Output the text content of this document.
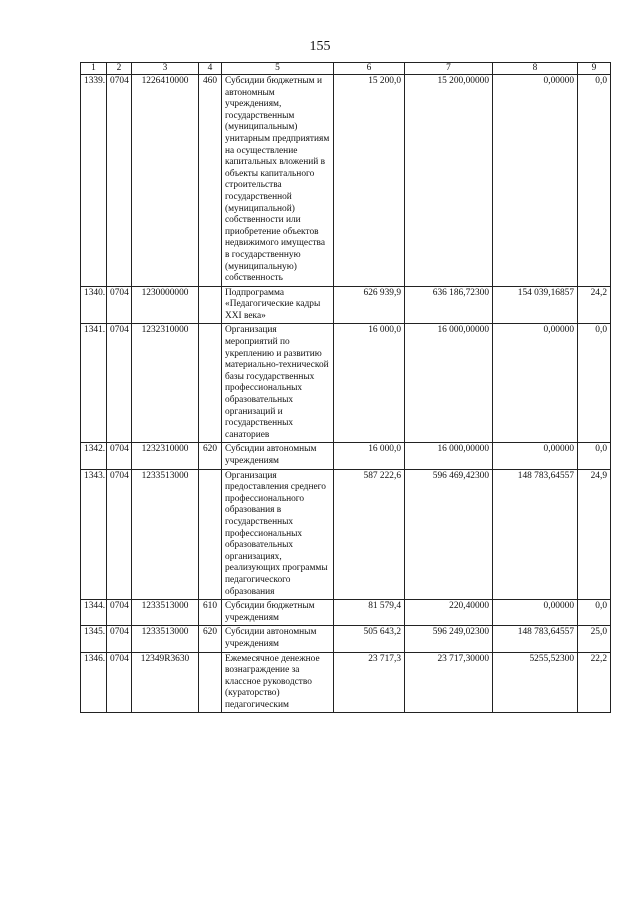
155
1	2	3	4	5	6	7	8	9
1339.	0704	1226410000	460	Субсидии бюджетным и автономным учреждениям, государственным (муниципальным) унитарным предприятиям на осуществление капитальных вложений в объекты капитального строительства государственной (муниципальной) собственности или приобретение объектов недвижимого имущества в государственную (муниципальную) собственность	15 200,0	15 200,00000	0,00000	0,0
1340.	0704	1230000000		Подпрограмма «Педагогические кадры XXI века»	626 939,9	636 186,72300	154 039,16857	24,2
1341.	0704	1232310000		Организация мероприятий по укреплению и развитию материально-технической базы государственных профессиональных образовательных организаций и государственных санаториев	16 000,0	16 000,00000	0,00000	0,0
1342.	0704	1232310000	620	Субсидии автономным учреждениям	16 000,0	16 000,00000	0,00000	0,0
1343.	0704	1233513000		Организация предоставления среднего профессионального образования в государственных профессиональных образовательных организациях, реализующих программы педагогического образования	587 222,6	596 469,42300	148 783,64557	24,9
1344.	0704	1233513000	610	Субсидии бюджетным учреждениям	81 579,4	220,40000	0,00000	0,0
1345.	0704	1233513000	620	Субсидии автономным учреждениям	505 643,2	596 249,02300	148 783,64557	25,0
1346.	0704	12349R3630		Ежемесячное денежное вознаграждение за классное руководство (кураторство) педагогическим	23 717,3	23 717,30000	5255,52300	22,2
